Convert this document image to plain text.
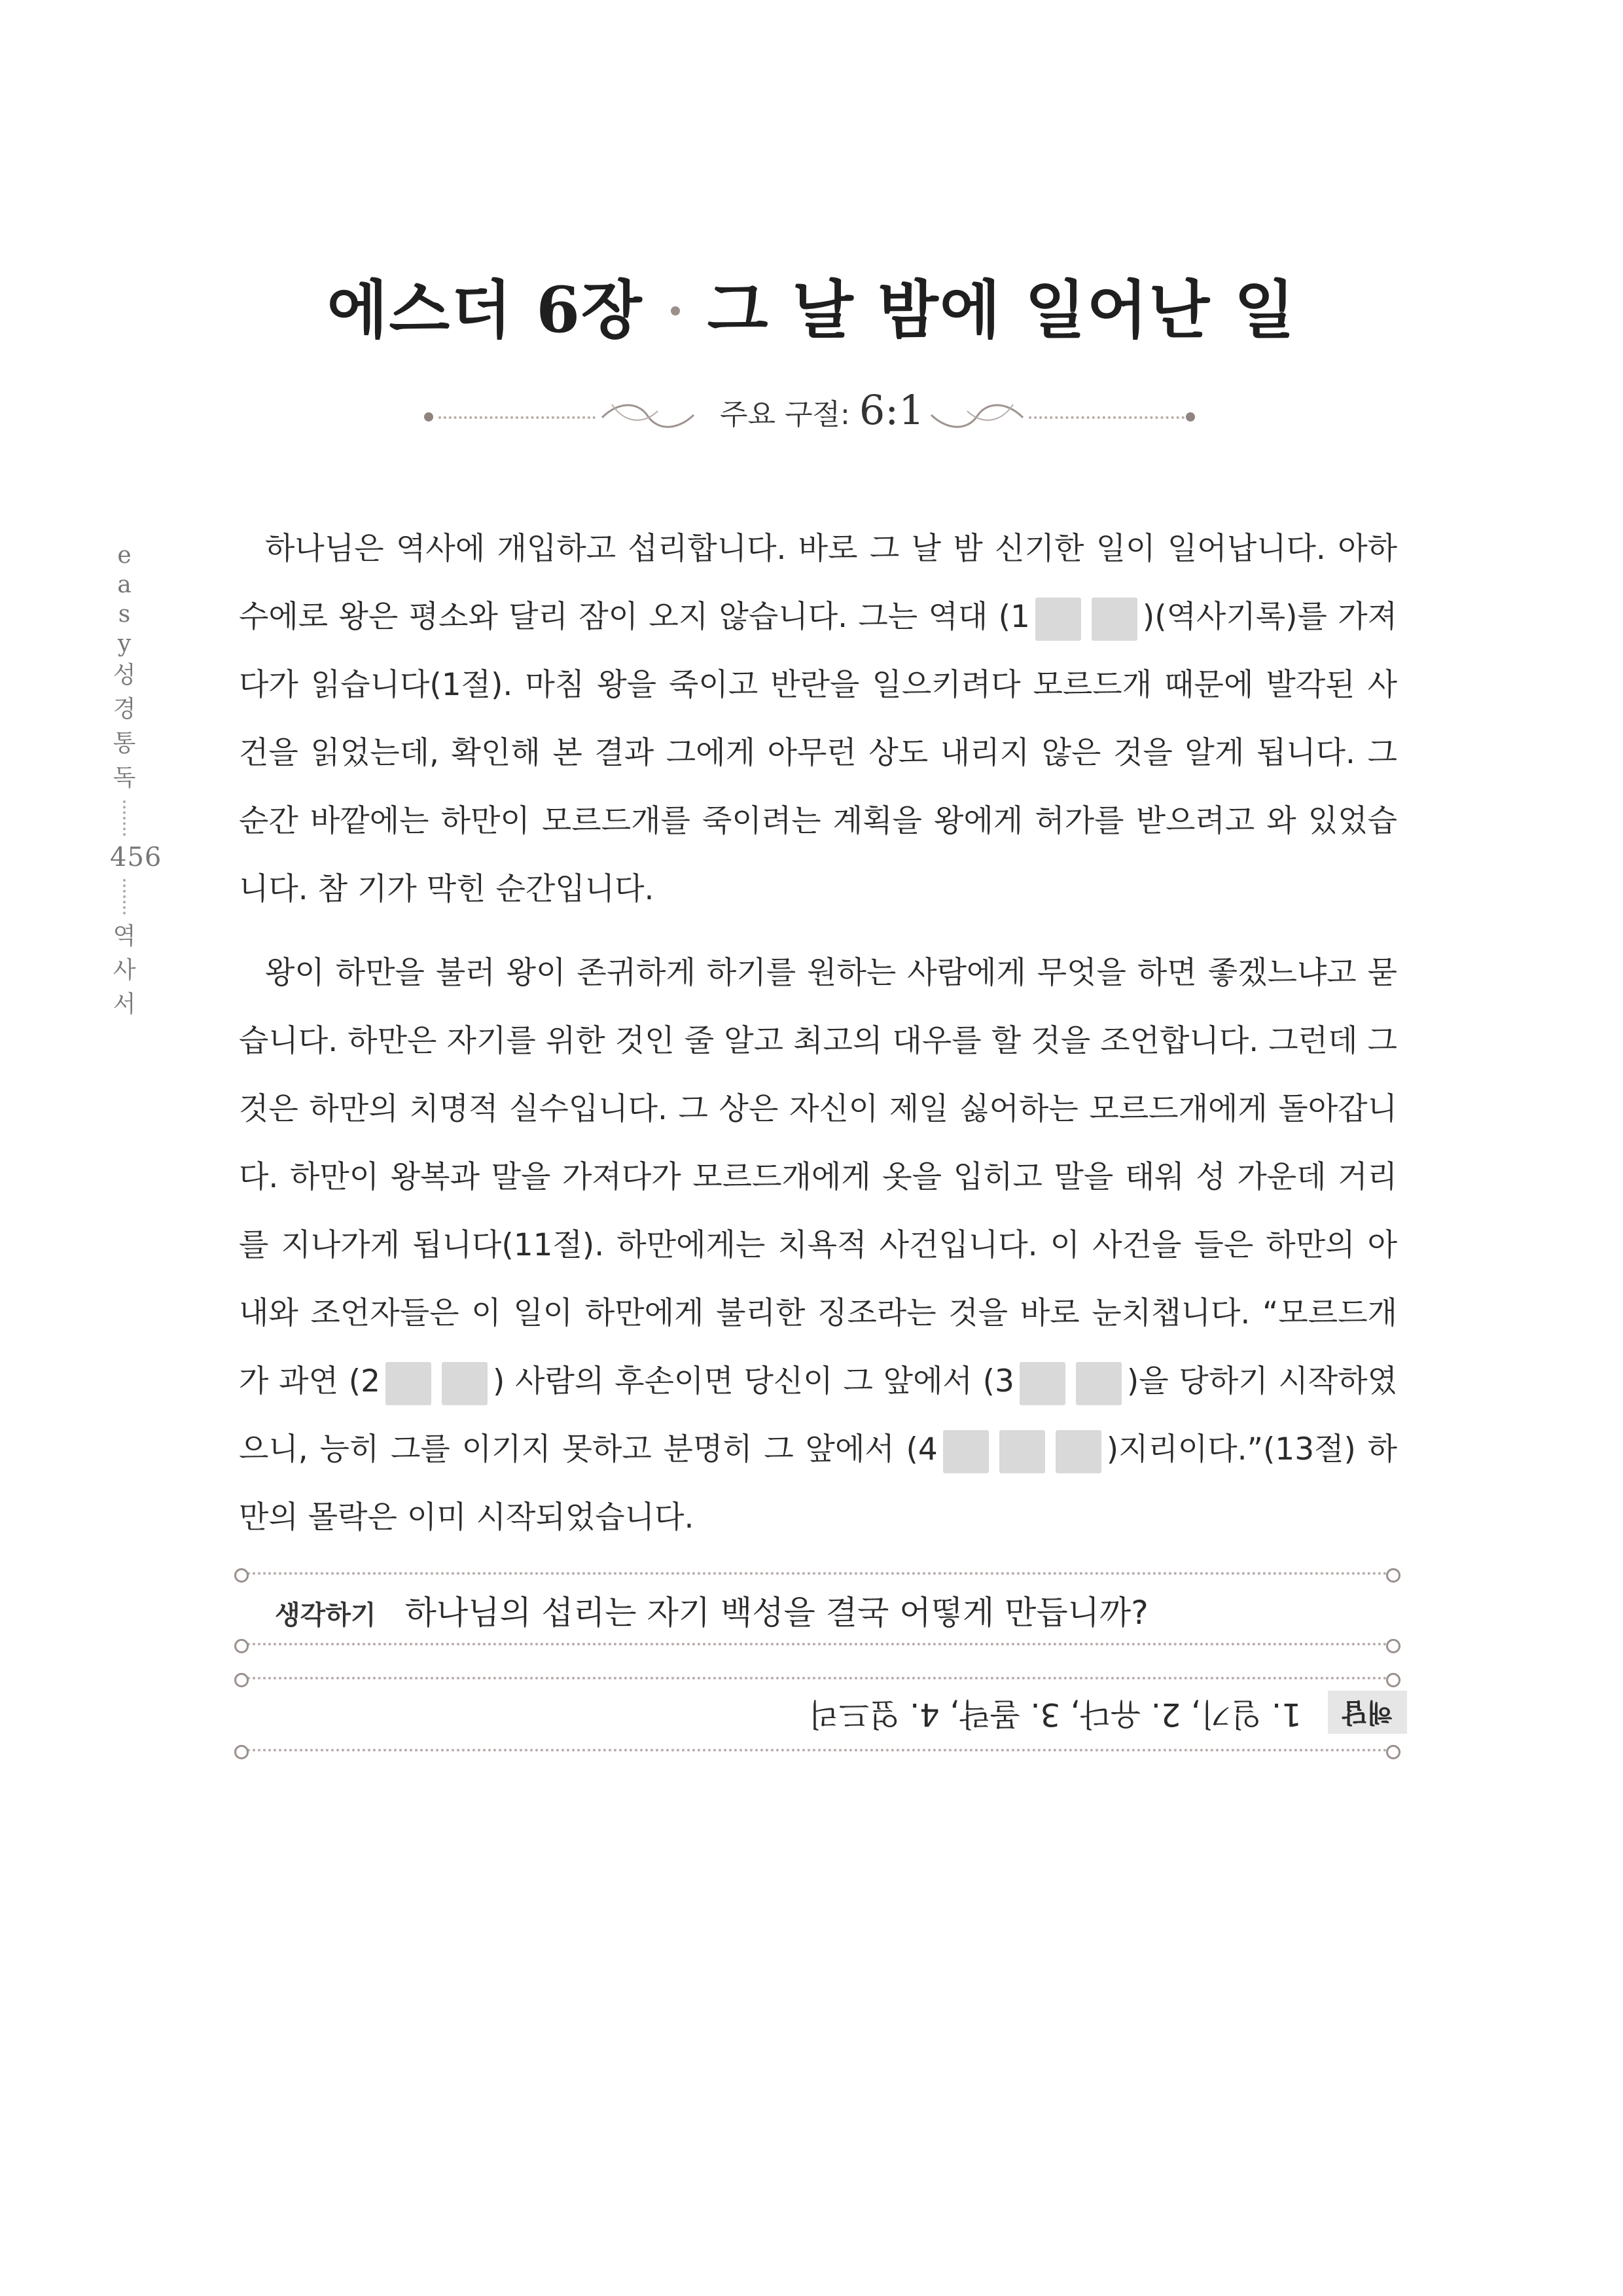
에스더 6장 그 날 밤에 일어난 일
주요 구절: 6:1
e
a
s
y
성
경
통
독
456
역
사
서

하나님은 역사에 개입하고 섭리합니다. 바로 그 날 밤 신기한 일이 일어납니다. 아하수에로 왕은 평소와 달리 잠이 오지 않습니다. 그는 역대 (1	)(역사기록)를 가져다가 읽습니다(1절). 마침 왕을 죽이고 반란을 일으키려다 모르드개 때문에 발각된 사건을 읽었는데, 확인해 본 결과 그에게 아무런 상도 내리지 않은 것을 알게 됩니다. 그 순간 바깥에는 하만이 모르드개를 죽이려는 계획을 왕에게 허가를 받으려고 와 있었습니다. 참 기가 막힌 순간입니다.

왕이 하만을 불러 왕이 존귀하게 하기를 원하는 사람에게 무엇을 하면 좋겠느냐고 묻습니다. 하만은 자기를 위한 것인 줄 알고 최고의 대우를 할 것을 조언합니다. 그런데 그것은 하만의 치명적 실수입니다. 그 상은 자신이 제일 싫어하는 모르드개에게 돌아갑니다. 하만이 왕복과 말을 가져다가 모르드개에게 옷을 입히고 말을 태워 성 가운데 거리를 지나가게 됩니다(11절). 하만에게는 치욕적 사건입니다. 이 사건을 들은 하만의 아내와 조언자들은 이 일이 하만에게 불리한 징조라는 것을 바로 눈치챕니다. “모르드개가 과연 (2	) 사람의 후손이면 당신이 그 앞에서 (3	)을 당하기 시작하였으니, 능히 그를 이기지 못하고 분명히 그 앞에서 (4	)지리이다.”(13절) 하만의 몰락은 이미 시작되었습니다.

생각하기 하나님의 섭리는 자기 백성을 결국 어떻게 만듭니까?
해답1. 일기, 2. 유다, 3. 몰락, 4. 엎드리
